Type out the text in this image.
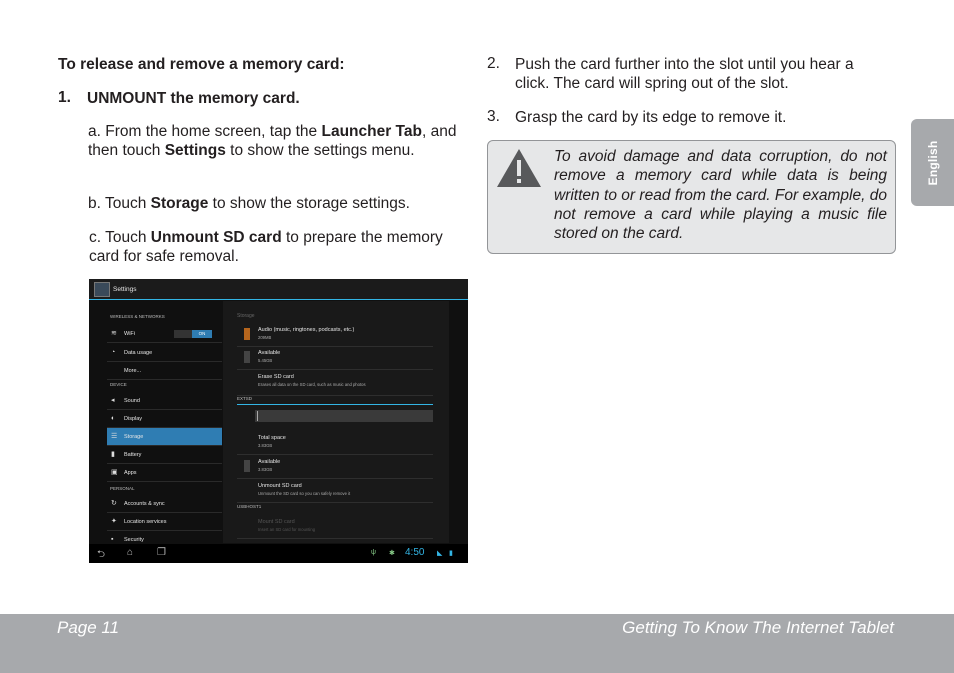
To release and remove a memory card:
1. UNMOUNT the memory card.
a. From the home screen, tap the Launcher Tab, and then touch Settings to show the settings menu.
b. Touch Storage to show the storage settings.
c. Touch Unmount SD card to prepare the memory card for safe removal.
Settings
WIRELESS & NETWORKS
≋ WiFi	ON
◔	Data usage
More...
DEVICE
◂	Sound
◐	Display
☰ Storage
▮	Battery
▣ Apps
PERSONAL
↻ Accounts & sync
✦ Location services
▪	Security
Storage
Audio (music, ringtones, podcasts, etc.)
209MB
Available
5.45GB
Erase SD card
Erases all data on the SD card, such as music and photos
EXTSD
Total space
3.83GB
Available
3.83GB
Unmount SD card
Unmount the SD card so you can safely remove it
USBHOST1
Mount SD card
Insert an SD card for mounting
⮌ ⌂ ❐	ψ ✱ 4:50 ◣ ▮
2. Push the card further into the slot until you hear a click. The card will spring out of the slot.
3. Grasp the card by its edge to remove it.
To avoid damage and data corruption, do not remove a memory card while data is being written to or read from the card. For example, do not remove a card while playing a music file stored on the card.
English
Page 11	Getting To Know The Internet Tablet
